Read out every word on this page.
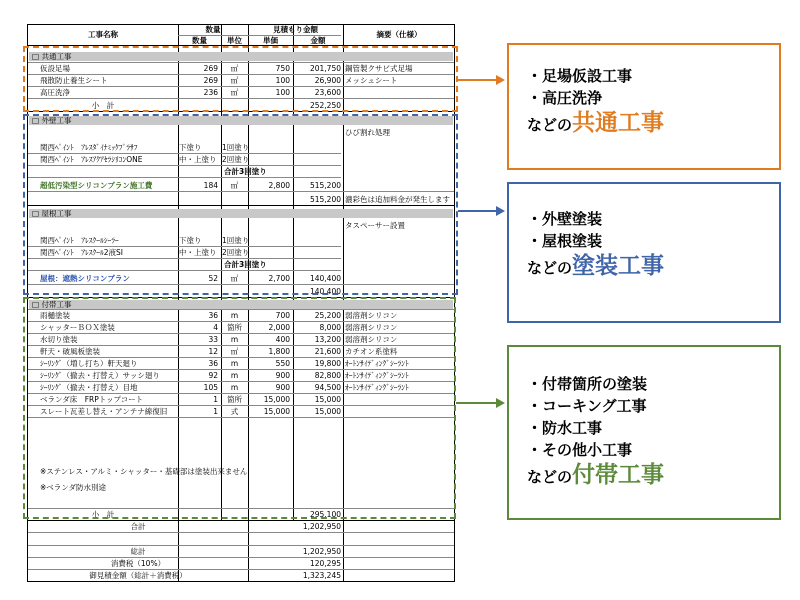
工事名称
数量
数量	単位
見積もり金額
単価	金額
摘要（仕様）
□ 共通工事
仮設足場	269	㎡	750	201,750 鋼管製クサビ式足場
飛散防止養生シート	269	㎡	100	26,900 メッシュシート
高圧洗浄	236	㎡	100	23,600
小　計	252,250
□ 外壁工事
ひび割れ処理
関西ﾍﾟｲﾝﾄ　ｱﾚｽﾀﾞｲﾅﾐｯｸﾌﾟﾗｻﾌ	下塗り	1回塗り
関西ﾍﾟｲﾝﾄ　ｱﾚｽｱｸｱｾﾗｼﾘｺﾝONE	中・上塗り 2回塗り
合計3回塗り
超低汚染型シリコンプラン施工費	184	㎡	2,800	515,200
515,200 濃彩色は追加料金が発生します
□ 屋根工事
タスペーサー設置
関西ﾍﾟｲﾝﾄ　ｱﾚｽｸｰﾙｼｰﾗｰ	下塗り	1回塗り
関西ﾍﾟｲﾝﾄ　ｱﾚｽｸｰﾙ2液SI	中・上塗り 2回塗り
合計3回塗り
屋根：遮熱シリコンプラン	52	㎡	2,700	140,400
140,400
□ 付帯工事
雨樋塗装	36	m	700	25,200 弱溶剤シリコン
シャッターＢＯＸ塗装	4	箇所	2,000	8,000 弱溶剤シリコン
水切り塗装	33	m	400	13,200 弱溶剤シリコン
軒天・破風板塗装	12	㎡	1,800	21,600 カチオン系塗料
ｼｰﾘﾝｸﾞ（増し打ち）軒天廻り	36	m	550	19,800 ｵｰﾄﾝｻｲﾃﾞｨﾝｸﾞｼｰﾗﾝﾄ
ｼｰﾘﾝｸﾞ（撤去・打替え）サッシ廻り	92	m	900	82,800 ｵｰﾄﾝｻｲﾃﾞｨﾝｸﾞｼｰﾗﾝﾄ
ｼｰﾘﾝｸﾞ（撤去・打替え）目地	105	m	900	94,500 ｵｰﾄﾝｻｲﾃﾞｨﾝｸﾞｼｰﾗﾝﾄ
ベランダ床　FRPトップコート	1	箇所	15,000	15,000
スレート瓦差し替え・アンテナ線復旧	1	式	15,000	15,000
※ステンレス・アルミ・シャッター・基礎部は塗装出来ません
※ベランダ防水別途
小　計	295,100
合計	1,202,950
総計	1,202,950
消費税（10%）	120,295
御見積金額（総計＋消費税）	1,323,245
・足場仮設工事
・高圧洗浄
などの共通工事
・外壁塗装
・屋根塗装
などの塗装工事
・付帯箇所の塗装
・コーキング工事
・防水工事
・その他小工事
などの付帯工事
